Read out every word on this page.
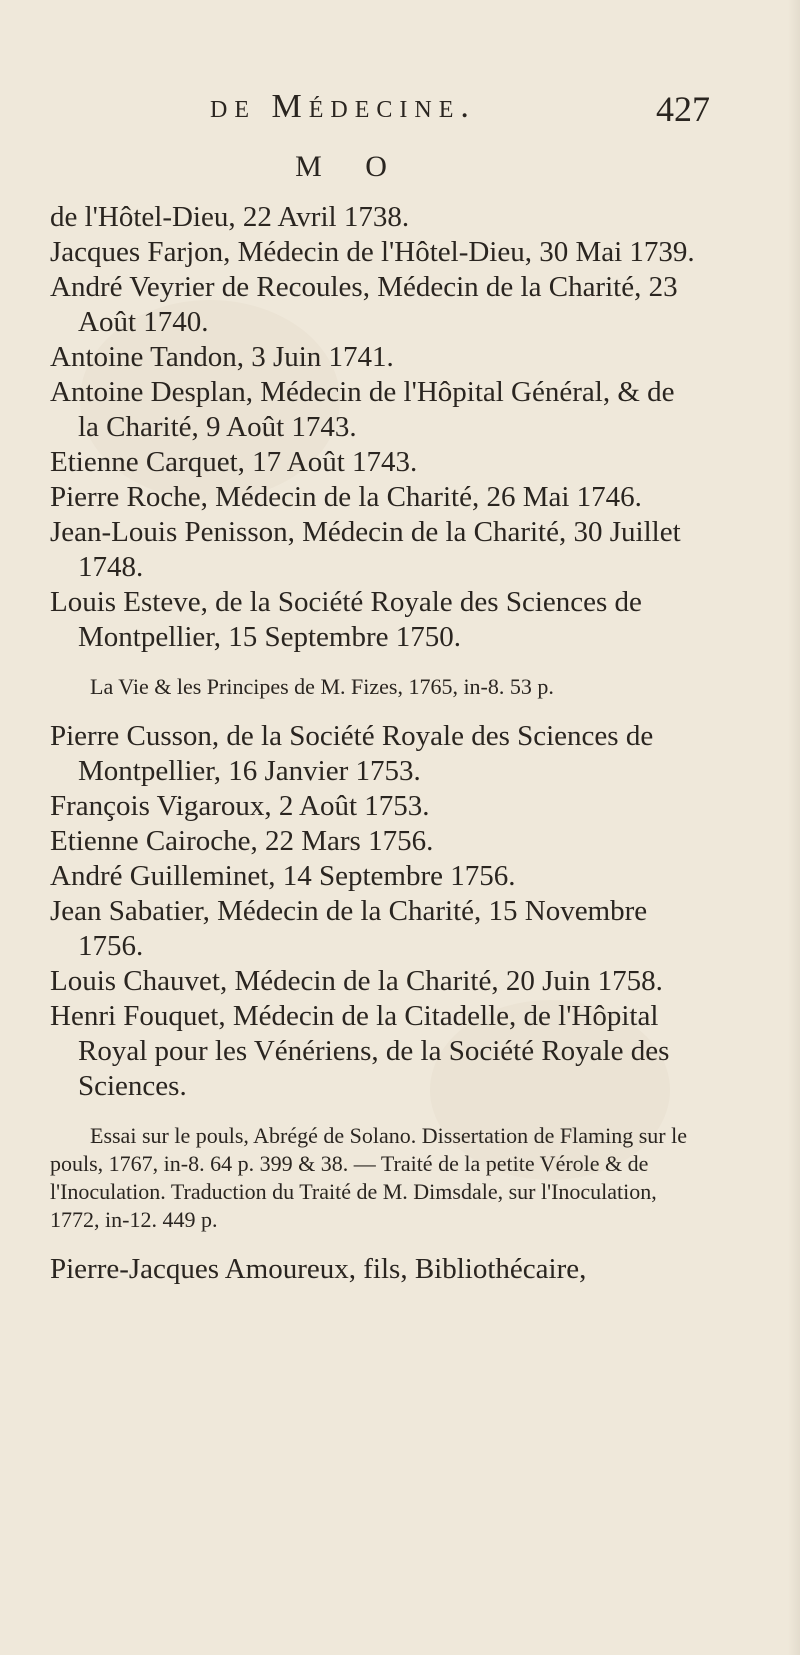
de Médecine.	427
M O
de l'Hôtel-Dieu, 22 Avril 1738.
Jacques Farjon, Médecin de l'Hôtel-Dieu, 30 Mai 1739.
André Veyrier de Recoules, Médecin de la Charité, 23 Août 1740.
Antoine Tandon, 3 Juin 1741.
Antoine Desplan, Médecin de l'Hôpital Général, & de la Charité, 9 Août 1743.
Etienne Carquet, 17 Août 1743.
Pierre Roche, Médecin de la Charité, 26 Mai 1746.
Jean-Louis Penisson, Médecin de la Charité, 30 Juillet 1748.
Louis Esteve, de la Société Royale des Sciences de Montpellier, 15 Septembre 1750.
La Vie & les Principes de M. Fizes, 1765, in-8. 53 p.
Pierre Cusson, de la Société Royale des Sciences de Montpellier, 16 Janvier 1753.
François Vigaroux, 2 Août 1753.
Etienne Cairoche, 22 Mars 1756.
André Guilleminet, 14 Septembre 1756.
Jean Sabatier, Médecin de la Charité, 15 Novembre 1756.
Louis Chauvet, Médecin de la Charité, 20 Juin 1758.
Henri Fouquet, Médecin de la Citadelle, de l'Hôpital Royal pour les Vénériens, de la Société Royale des Sciences.
Essai sur le pouls, Abrégé de Solano. Dissertation de Flaming sur le pouls, 1767, in-8. 64 p. 399 & 38. — Traité de la petite Vérole & de l'Inoculation. Traduction du Traité de M. Dimsdale, sur l'Inoculation, 1772, in-12. 449 p.
Pierre-Jacques Amoureux, fils, Bibliothécaire,
